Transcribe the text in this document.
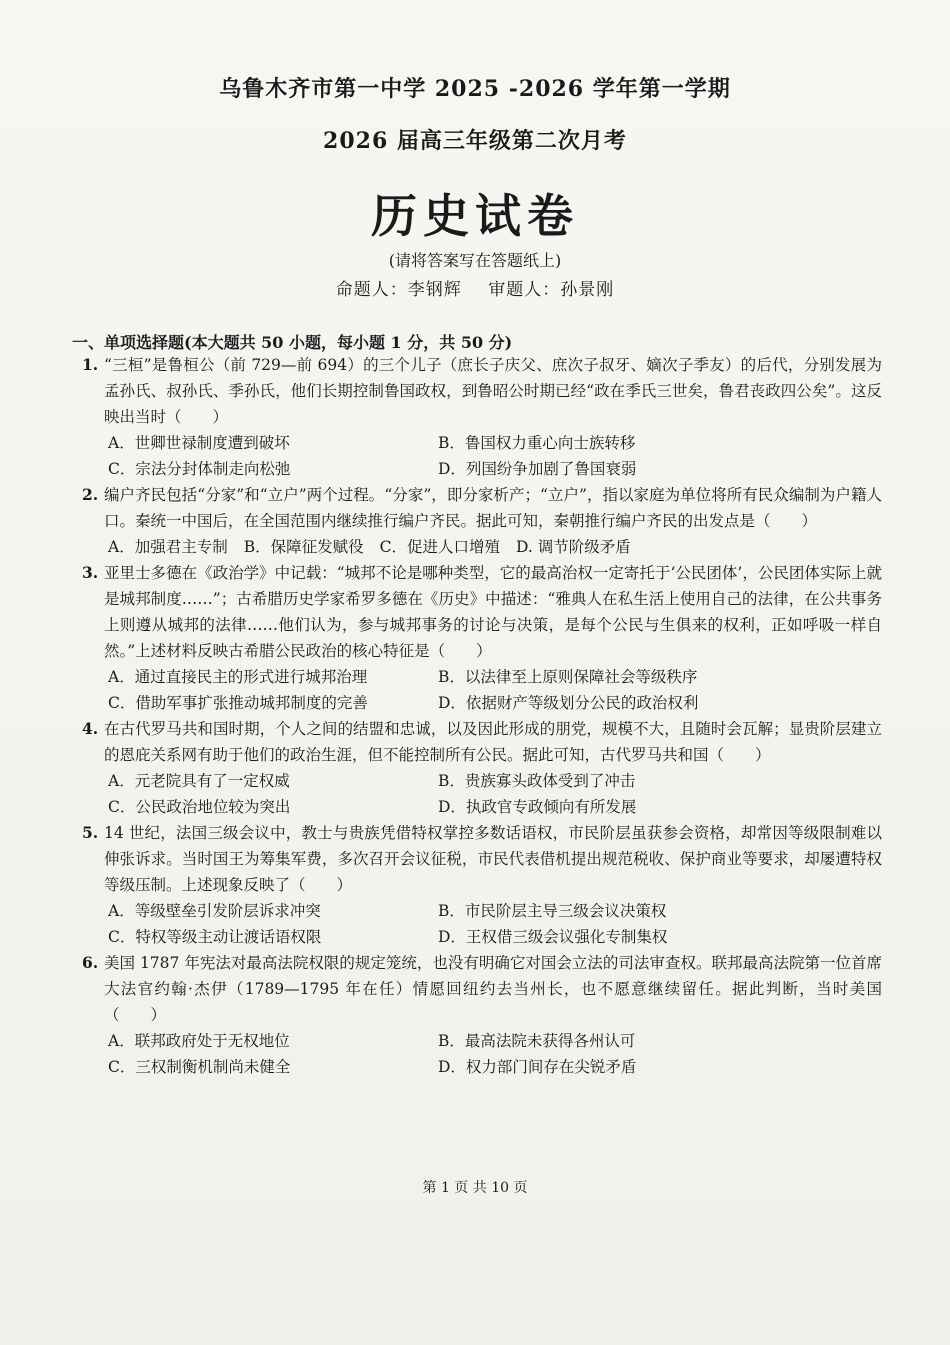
乌鲁木齐市第一中学 2025 -2026 学年第一学期
2026 届高三年级第二次月考
历史试卷
(请将答案写在答题纸上)
命题人：李钢辉 审题人：孙景刚
一、单项选择题(本大题共 50 小题，每小题 1 分，共 50 分)
1. “三桓”是鲁桓公（前 729—前 694）的三个儿子（庶长子庆父、庶次子叔牙、嫡次子季友）的后代，分别发展为孟孙氏、叔孙氏、季孙氏，他们长期控制鲁国政权，到鲁昭公时期已经“政在季氏三世矣，鲁君丧政四公矣”。这反映出当时（　　）
A．世卿世禄制度遭到破坏	B．鲁国权力重心向士族转移
C．宗法分封体制走向松弛	D．列国纷争加剧了鲁国衰弱
2. 编户齐民包括“分家”和“立户”两个过程。“分家”，即分家析产；“立户”，指以家庭为单位将所有民众编制为户籍人口。秦统一中国后，在全国范围内继续推行编户齐民。据此可知，秦朝推行编户齐民的出发点是（　　）
A．加强君主专制 B．保障征发赋役 C．促进人口增殖 D. 调节阶级矛盾
3. 亚里士多德在《政治学》中记载：“城邦不论是哪种类型，它的最高治权一定寄托于‘公民团体’，公民团体实际上就是城邦制度……”；古希腊历史学家希罗多德在《历史》中描述：“雅典人在私生活上使用自己的法律，在公共事务上则遵从城邦的法律……他们认为，参与城邦事务的讨论与决策，是每个公民与生俱来的权利，正如呼吸一样自然。”上述材料反映古希腊公民政治的核心特征是（　　）
A．通过直接民主的形式进行城邦治理	B．以法律至上原则保障社会等级秩序
C．借助军事扩张推动城邦制度的完善	D．依据财产等级划分公民的政治权利
4. 在古代罗马共和国时期，个人之间的结盟和忠诚，以及因此形成的朋党，规模不大，且随时会瓦解；显贵阶层建立的恩庇关系网有助于他们的政治生涯，但不能控制所有公民。据此可知，古代罗马共和国（　　）
A．元老院具有了一定权威	B．贵族寡头政体受到了冲击
C．公民政治地位较为突出	D．执政官专政倾向有所发展
5. 14 世纪，法国三级会议中，教士与贵族凭借特权掌控多数话语权，市民阶层虽获参会资格，却常因等级限制难以伸张诉求。当时国王为筹集军费，多次召开会议征税，市民代表借机提出规范税收、保护商业等要求，却屡遭特权等级压制。上述现象反映了（　　）
A．等级壁垒引发阶层诉求冲突	B．市民阶层主导三级会议决策权
C．特权等级主动让渡话语权限	D．王权借三级会议强化专制集权
6. 美国 1787 年宪法对最高法院权限的规定笼统，也没有明确它对国会立法的司法审查权。联邦最高法院第一位首席大法官约翰·杰伊（1789—1795 年在任）情愿回纽约去当州长，也不愿意继续留任。据此判断，当时美国（　　）
A．联邦政府处于无权地位	B．最高法院未获得各州认可
C．三权制衡机制尚未健全	D．权力部门间存在尖锐矛盾
第 1 页 共 10 页
